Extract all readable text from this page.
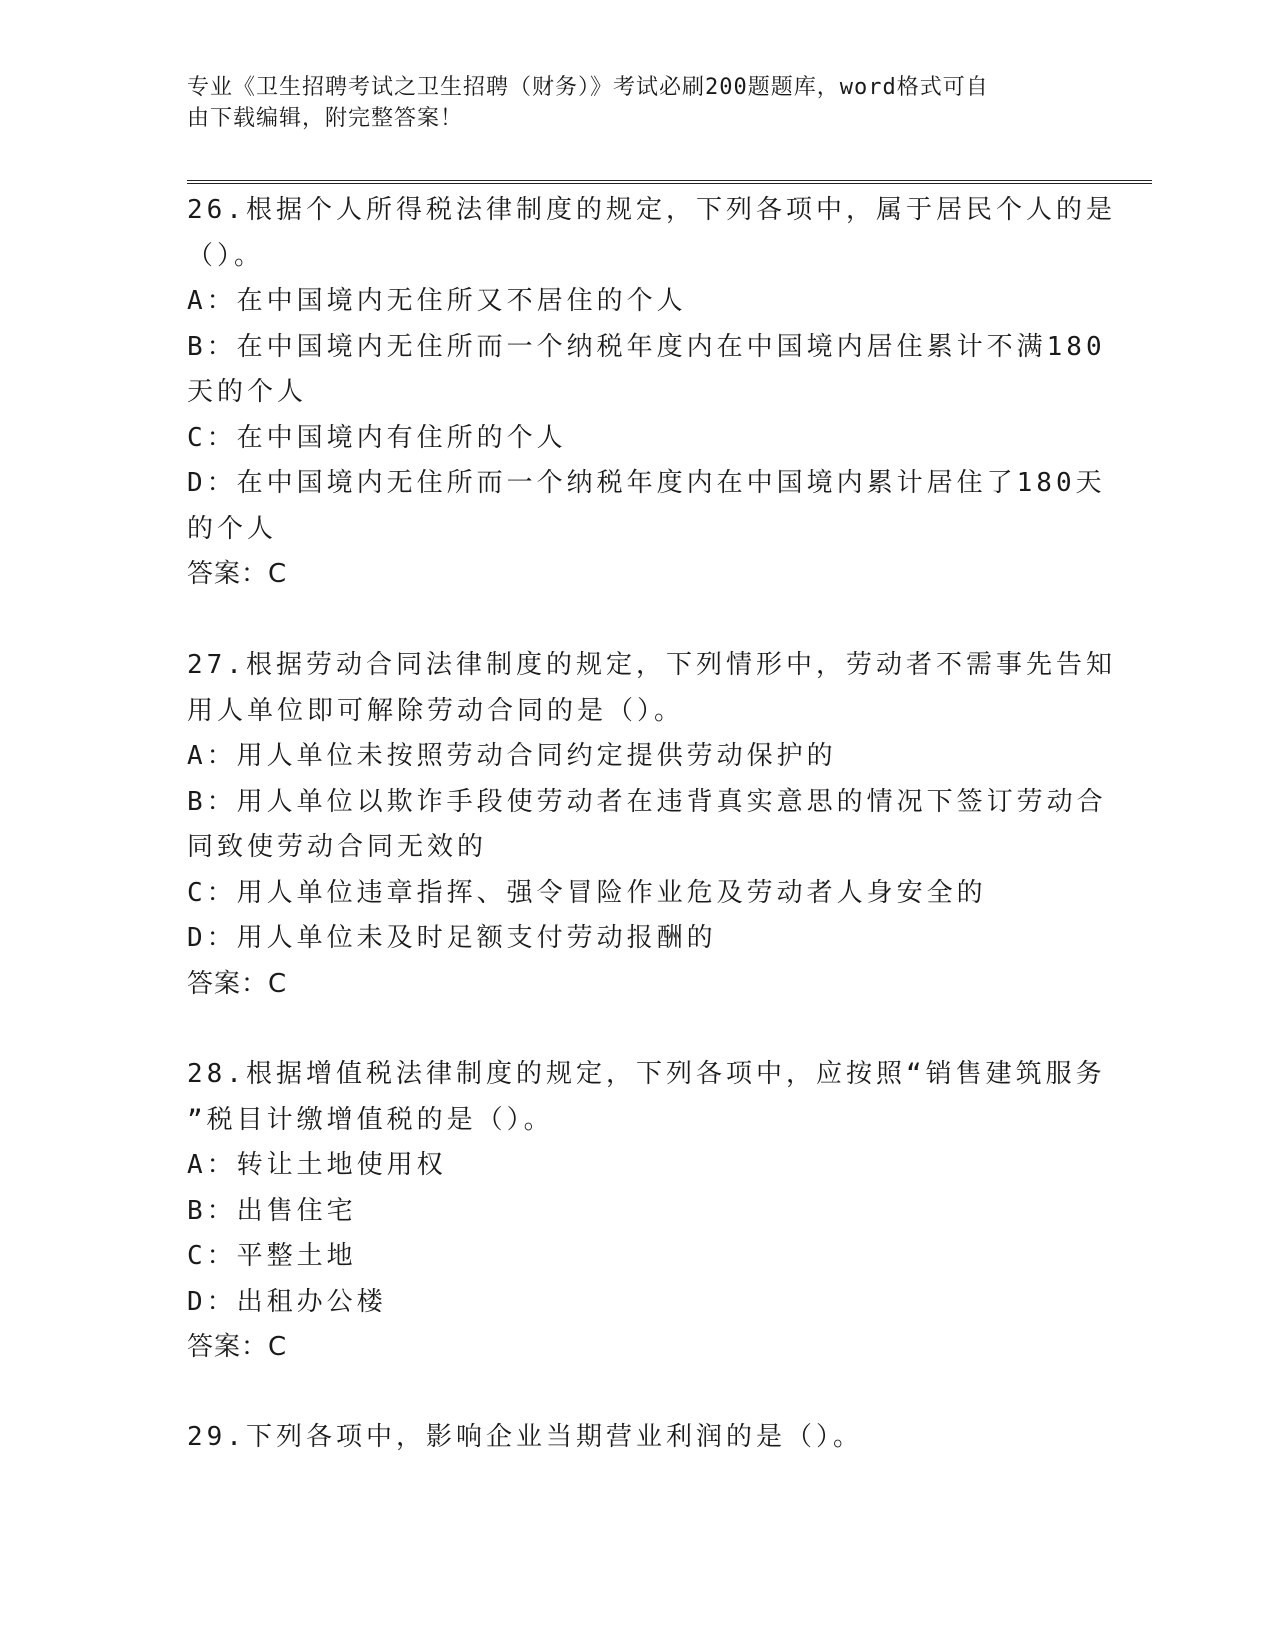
专业《卫生招聘考试之卫生招聘（财务）》考试必刷200题题库，word格式可自
由下载编辑，附完整答案！

26.根据个人所得税法律制度的规定，下列各项中，属于居民个人的是

（）。

A：在中国境内无住所又不居住的个人

B：在中国境内无住所而一个纳税年度内在中国境内居住累计不满180

天的个人

C：在中国境内有住所的个人

D：在中国境内无住所而一个纳税年度内在中国境内累计居住了180天

的个人

答案：C

27.根据劳动合同法律制度的规定，下列情形中，劳动者不需事先告知

用人单位即可解除劳动合同的是（）。

A：用人单位未按照劳动合同约定提供劳动保护的

B：用人单位以欺诈手段使劳动者在违背真实意思的情况下签订劳动合

同致使劳动合同无效的

C：用人单位违章指挥、强令冒险作业危及劳动者人身安全的

D：用人单位未及时足额支付劳动报酬的

答案：C

28.根据增值税法律制度的规定，下列各项中，应按照“销售建筑服务

”税目计缴增值税的是（）。

A：转让土地使用权

B：出售住宅

C：平整土地

D：出租办公楼

答案：C

29.下列各项中，影响企业当期营业利润的是（）。
